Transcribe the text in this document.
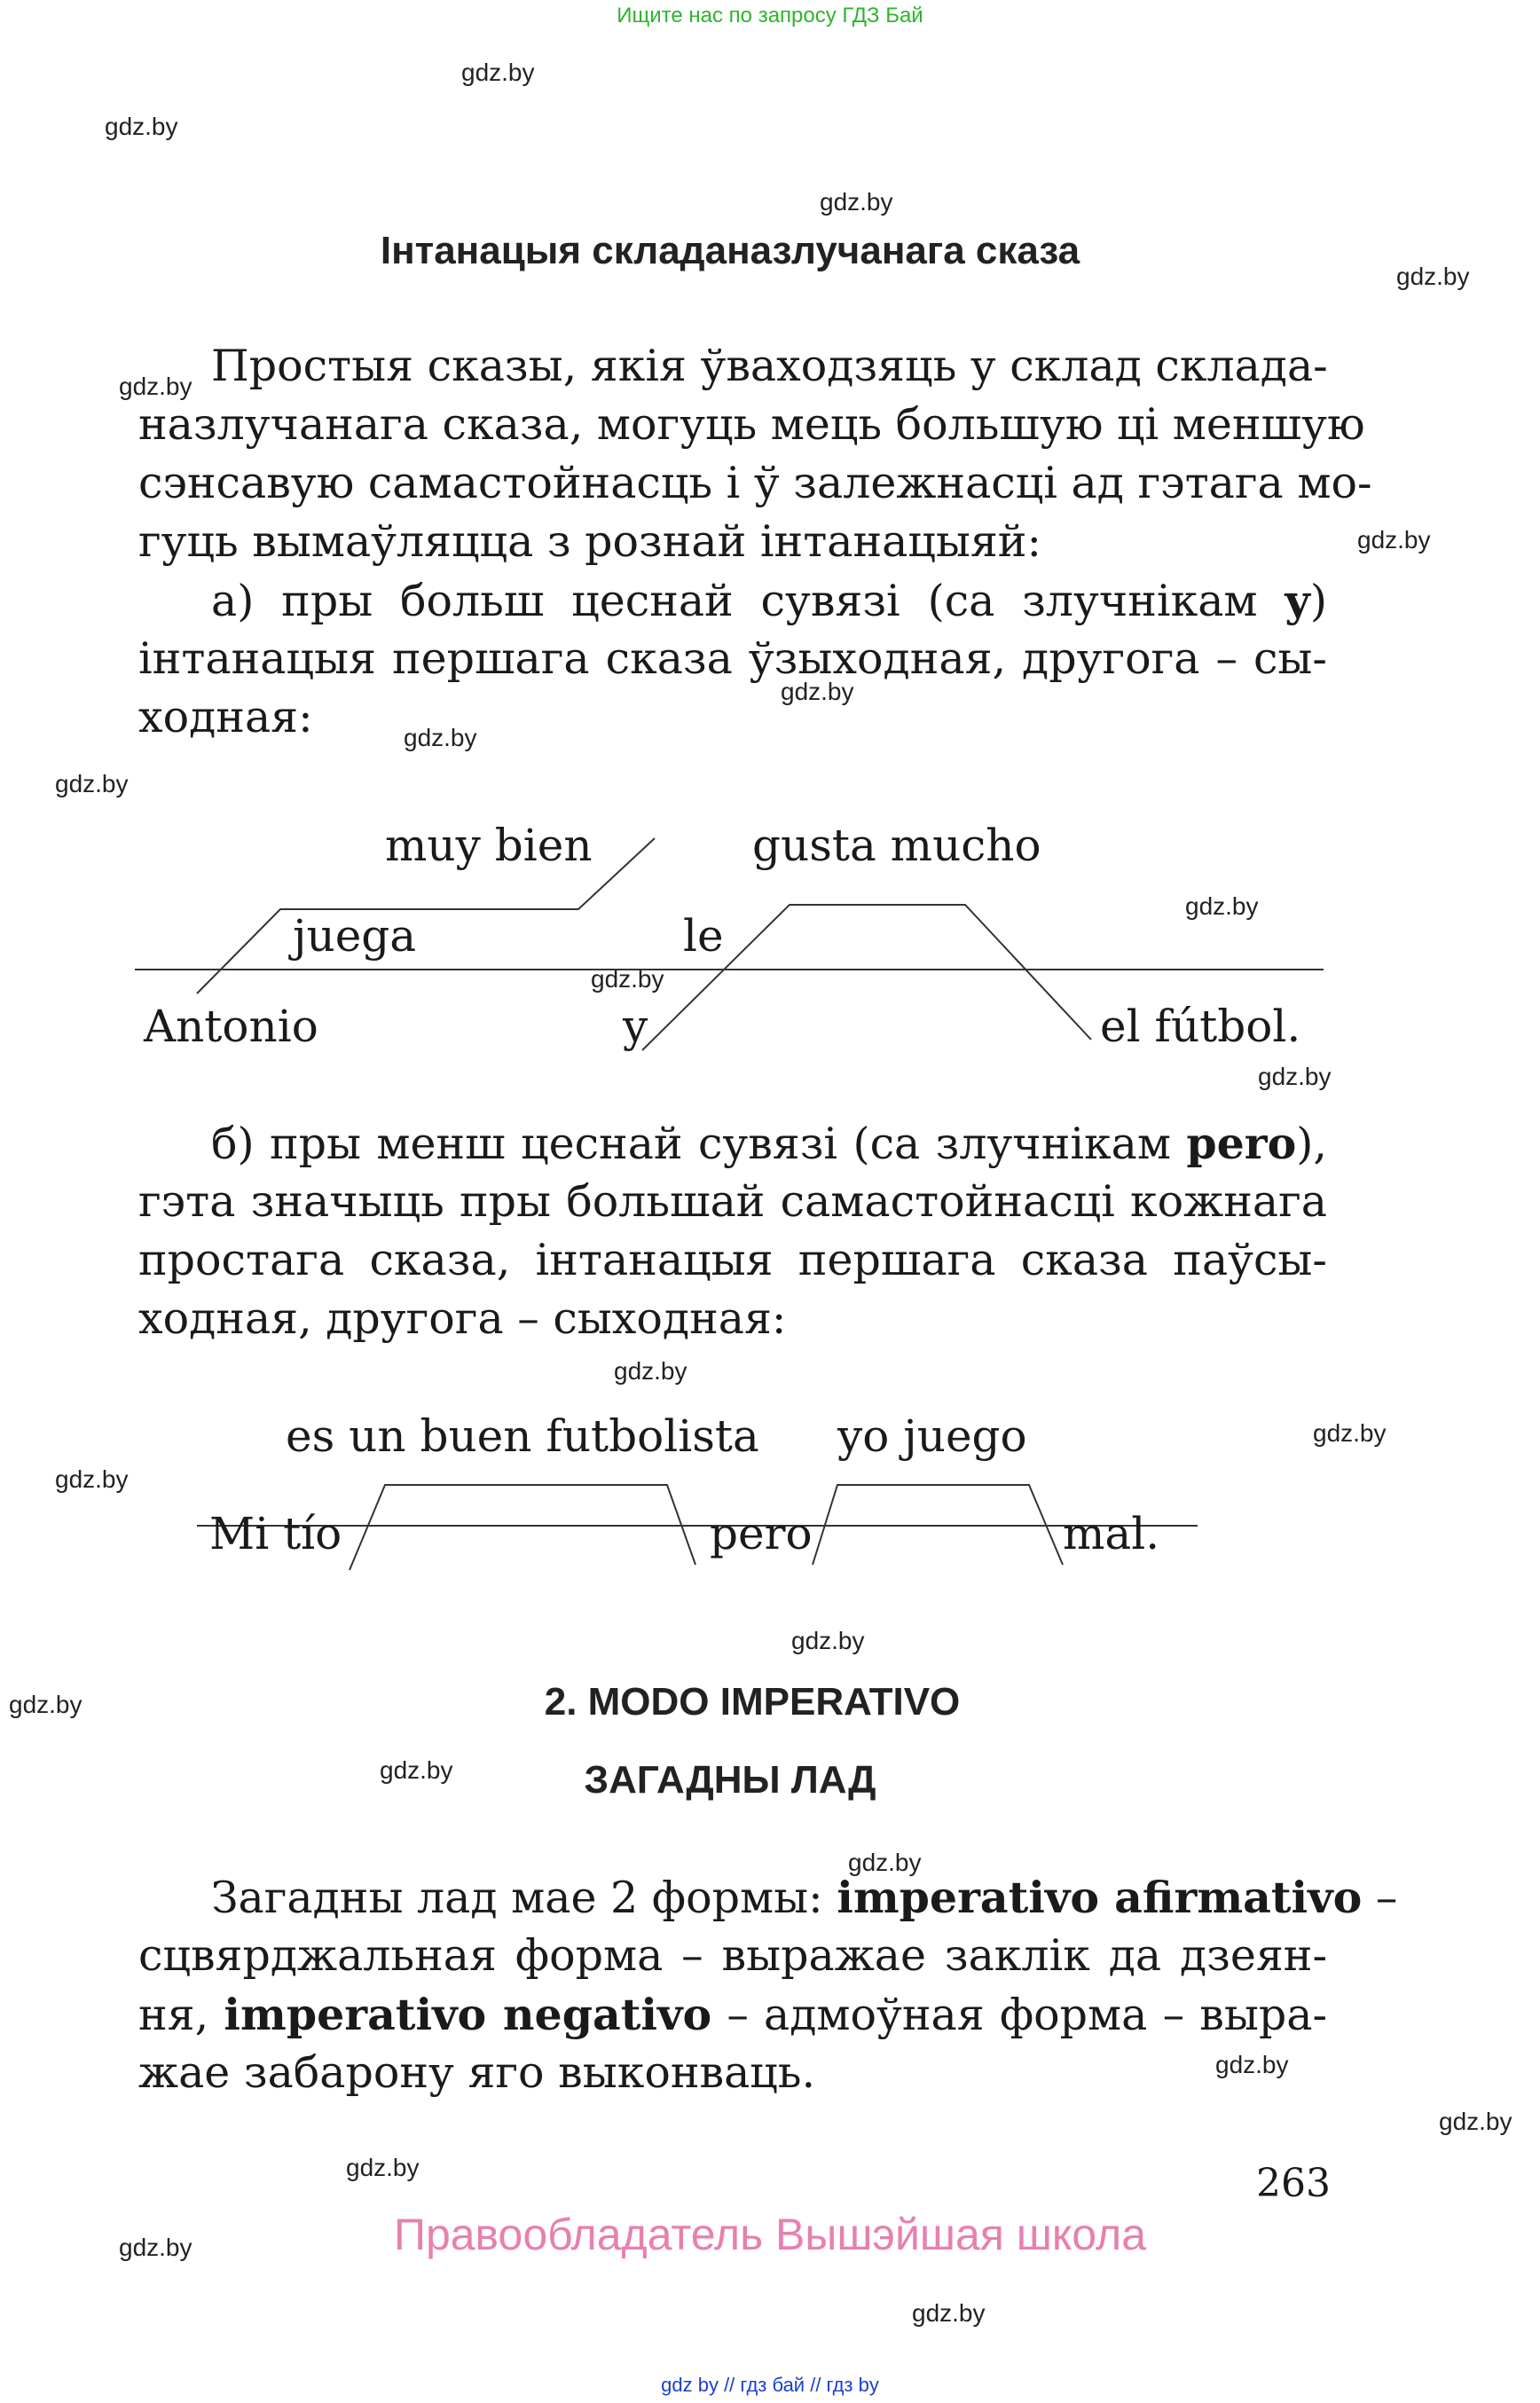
Ищите нас по запросу ГДЗ Бай
gdz.by
gdz.by
gdz.by
gdz.by
gdz.by
gdz.by
gdz.by
gdz.by
gdz.by
gdz.by
gdz.by
gdz.by
gdz.by
gdz.by
gdz.by
gdz.by
gdz.by
gdz.by
gdz.by
gdz.by
gdz.by
gdz.by
gdz.by
gdz.by
Інтанацыя складаназлучанага сказа
Простыя сказы, якія ўваходзяць у склад склада-
назлучанага сказа, могуць мець большую ці меншую
сэнсавую самастойнасць і ў залежнасці ад гэтага мо-
гуць вымаўляцца з рознай інтанацыяй:
а) пры больш цеснай сувязі (са злучнікам y)
інтанацыя першага сказа ўзыходная, другога – сы-
ходная:
muy bien	gusta mucho
juega	le
Antonio	y	el fútbol.
б) пры менш цеснай сувязі (са злучнікам pero),
гэта значыць пры большай самастойнасці кожнага
простага сказа, інтанацыя першага сказа паўсы-
ходная, другога – сыходная:
es un buen futbolista yo juego
Mi tío	pero	mal.
2. MODO IMPERATIVO
ЗАГАДНЫ ЛАД
Загадны лад мае 2 формы: imperativo afirmativo –
сцвярджальная форма – выражае заклік да дзеян-
ня, imperativo negativo – адмоўная форма – выра-
жае забарону яго выконваць.
263
Правообладатель Вышэйшая школа
gdz by // гдз бай // гдз by
